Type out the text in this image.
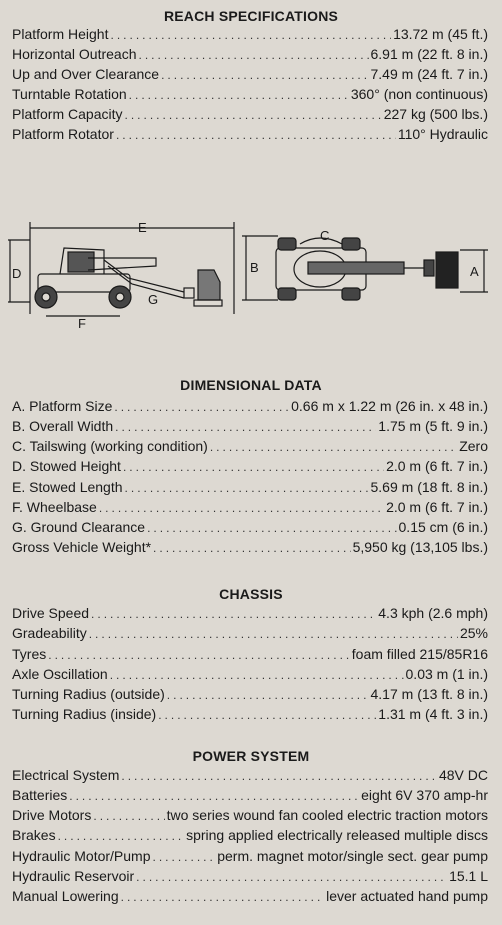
REACH SPECIFICATIONS
Platform Height .....	13.72 m (45 ft.)
Horizontal Outreach .....	6.91 m (22 ft. 8 in.)
Up and Over Clearance .....	7.49 m (24 ft. 7 in.)
Turntable Rotation .....	360° (non continuous)
Platform Capacity .....	227 kg (500 lbs.)
Platform Rotator .....	110° Hydraulic
E
D
F
G
B
C
A
DIMENSIONAL DATA
A. Platform Size .....	0.66 m x 1.22 m (26 in. x 48 in.)
B. Overall Width .....	1.75 m (5 ft. 9 in.)
C. Tailswing (working condition) .....	Zero
D. Stowed Height .....	2.0 m (6 ft. 7 in.)
E. Stowed Length .....	5.69 m (18 ft. 8 in.)
F. Wheelbase .....	2.0 m (6 ft. 7 in.)
G. Ground Clearance .....	0.15 cm (6 in.)
Gross Vehicle Weight* .....	5,950 kg (13,105 lbs.)
CHASSIS
Drive Speed .....	4.3 kph (2.6 mph)
Gradeability .....	25%
Tyres .....	foam filled 215/85R16
Axle Oscillation .....	0.03 m (1 in.)
Turning Radius (outside) .....	4.17 m (13 ft. 8 in.)
Turning Radius (inside) .....	1.31 m (4 ft. 3 in.)
POWER SYSTEM
Electrical System .....	48V DC
Batteries .....	eight 6V 370 amp-hr
Drive Motors .....	two series wound fan cooled electric traction motors
Brakes .....	spring applied electrically released multiple discs
Hydraulic Motor/Pump .....	perm. magnet motor/single sect. gear pump
Hydraulic Reservoir .....	15.1 L
Manual Lowering .....	lever actuated hand pump
